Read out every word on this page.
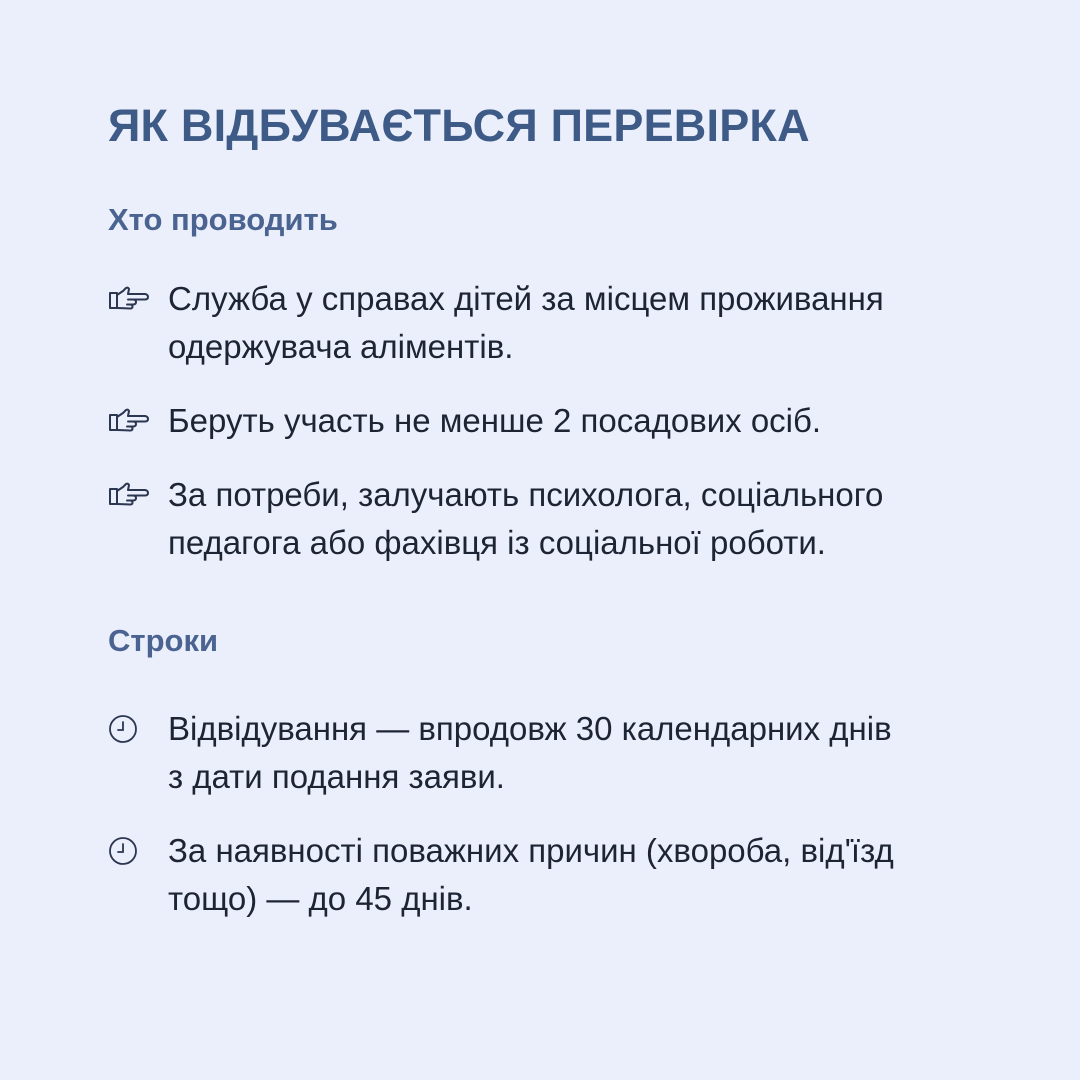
ЯК ВІДБУВАЄТЬСЯ ПЕРЕВІРКА
Хто проводить
Служба у справах дітей за місцем проживання
одержувача аліментів.
Беруть участь не менше 2 посадових осіб.
За потреби, залучають психолога, соціального
педагога або фахівця із соціальної роботи.
Строки
Відвідування — впродовж 30 календарних днів
з дати подання заяви.
За наявності поважних причин (хвороба, від'їзд
тощо) — до 45 днів.
